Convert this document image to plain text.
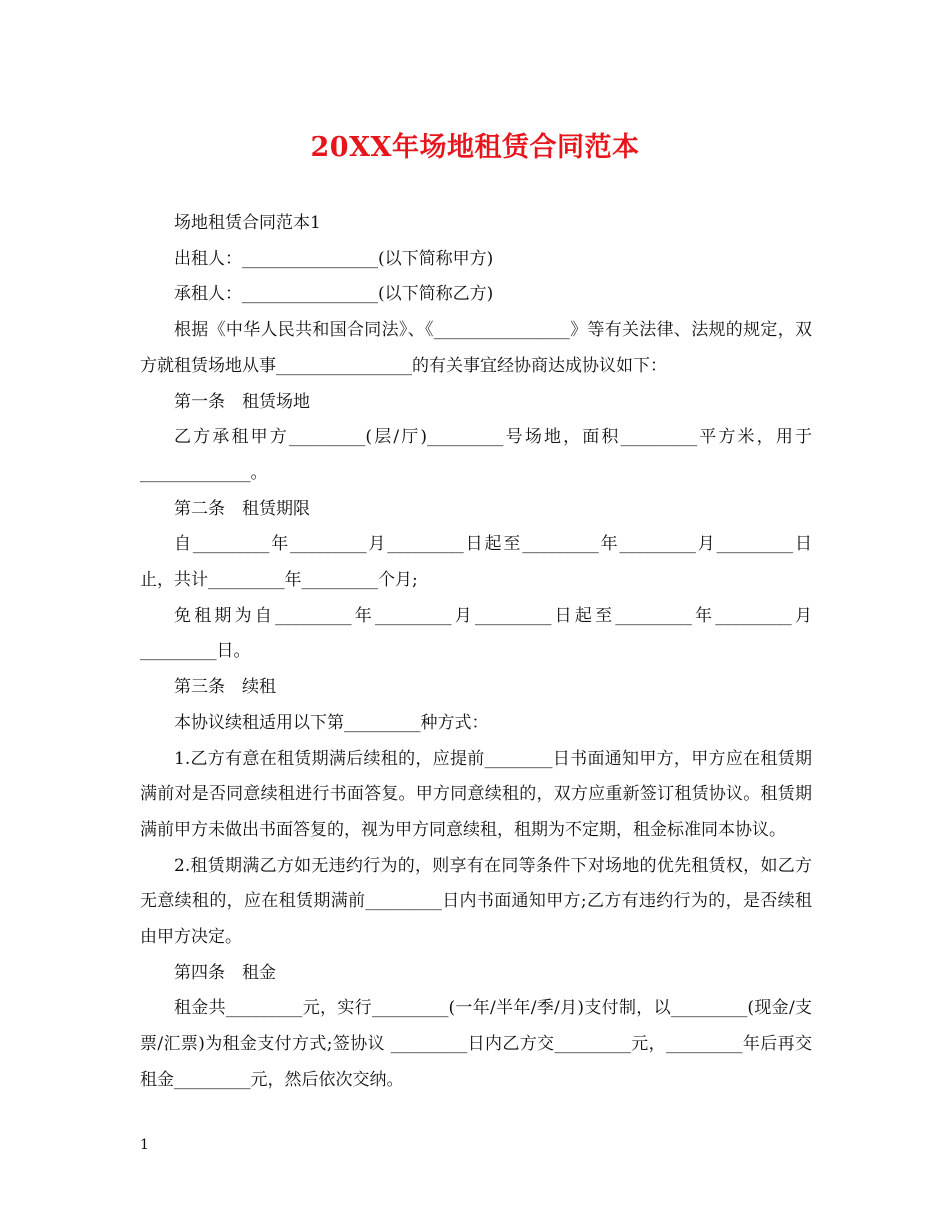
20XX年场地租赁合同范本

场地租赁合同范本1

出租人：________________(以下简称甲方)

承租人：________________(以下简称乙方)

根据《中华人民共和国合同法》、《________________》等有关法律、法规的规定，双方就租赁场地从事________________的有关事宜经协商达成协议如下：

第一条　租赁场地

乙方承租甲方_________(层/厅)_________号场地，面积_________平方米，用于_____________。

第二条　租赁期限

自_________年_________月_________日起至_________年_________月_________日止，共计_________年_________个月;

免租期为自_________年_________月_________日起至_________年_________月_________日。

第三条　续租

本协议续租适用以下第_________种方式：

1.乙方有意在租赁期满后续租的，应提前________日书面通知甲方，甲方应在租赁期满前对是否同意续租进行书面答复。甲方同意续租的，双方应重新签订租赁协议。租赁期满前甲方未做出书面答复的，视为甲方同意续租，租期为不定期，租金标准同本协议。

2.租赁期满乙方如无违约行为的，则享有在同等条件下对场地的优先租赁权，如乙方无意续租的，应在租赁期满前_________日内书面通知甲方;乙方有违约行为的，是否续租由甲方决定。

第四条　租金

租金共_________元，实行_________(一年/半年/季/月)支付制，以_________(现金/支票/汇票)为租金支付方式;签协议 _________日内乙方交_________元，_________年后再交租金_________元，然后依次交纳。

1
